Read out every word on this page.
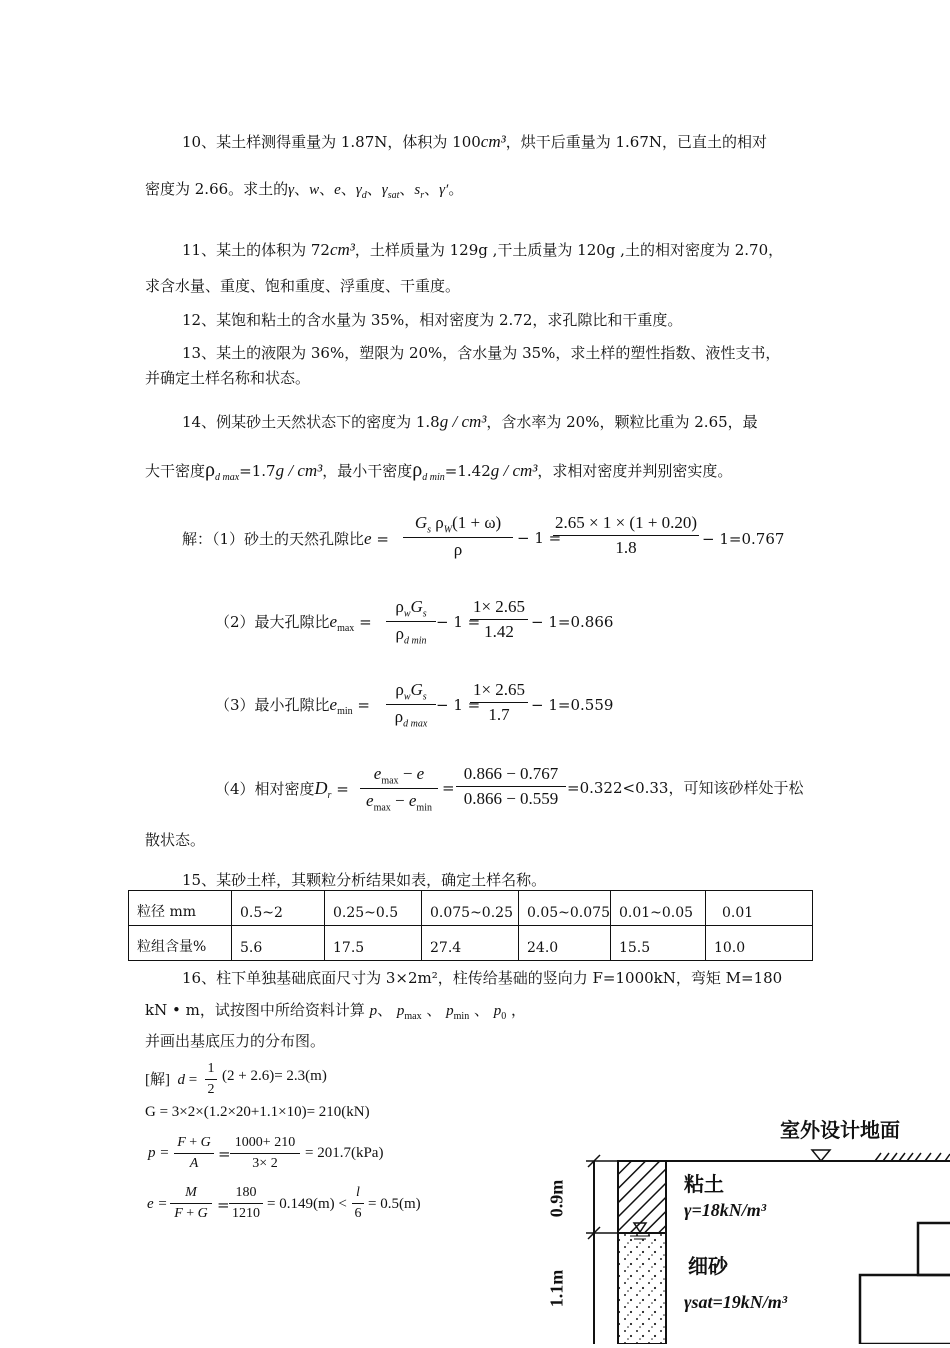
10、某土样测得重量为 1.87N，体积为 100cm³，烘干后重量为 1.67N，已直土的相对
密度为 2.66。求土的γ、w、e、$\gamma_d$、$\gamma_{sat}$、$s_r$、γ′。
11、某土的体积为 72cm³，土样质量为 129g ,干土质量为 120g ,土的相对密度为 2.70，
求含水量、重度、饱和重度、浮重度、干重度。
12、某饱和粘土的含水量为 35%，相对密度为 2.72，求孔隙比和干重度。
13、某土的液限为 36%，塑限为 20%，含水量为 35%，求土样的塑性指数、液性支书，
并确定土样名称和状态。
14、例某砂土天然状态下的密度为 1.8g / cm³，含水率为 20%，颗粒比重为 2.65，最
大干密度$\rho_{d max}=1.7g / cm^3$，最小干密度$\rho_{d min}=1.42g / cm^3$，求相对密度并判别密实度。
解：（1）砂土的天然孔隙比$e = \frac{G_s \rho_W(1 + \omega)}{\rho} - 1$ =
$\frac{2.65 \times 1 \times (1 + 0.20)}{1.8} - 1=0.767$
（2）最大孔隙比$e_{max}$ =
$\rho_wG_s$
$\rho_{d min}$
− 1 =
$\frac{1\times 2.65}{1.42} - 1=0.866$
（3）最小孔隙比$e_{min}$ =
$\rho_wG_s$
$\rho_{d max}$
− 1 =
$\frac{1\times 2.65}{1.7} - 1=0.559$
（4）相对密度$D_r$ =
$e_{max} - e$
$e_{max} - e_{min}$
= $\frac{0.866 - 0.767}{0.866 - 0.559} =0.322<0.33$，可知该砂样处于松
散状态。
15、某砂土样，其颗粒分析结果如表，确定土样名称。
粒径 mm	0.5~2	0.25~0.5	0.075~0.25	0.05~0.075	0.01~0.05	0.01
粒组含量%	5.6	17.5	27.4	24.0	15.5	10.0
16、柱下单独基础底面尺寸为 3×2m²，柱传给基础的竖向力 F=1000kN，弯矩 M=180
kN • m，试按图中所给资料计算 p、 $p_{max}$ 、 $p_{min}$ 、 $p_0$ ，
并画出基底压力的分布图。
[解] $d = \frac{1}{2} (2 + 2.6)= 2.3(m)$
G = 3×2×(1.2×20+1.1×10)= 210(kN)
$p = \frac{F + G}{A} = \frac{1000+ 210}{3\times 2} = 201.7(kPa)$
$e = \frac{M}{F + G} = \frac{180}{1210} = 0.149(m) < \frac{l}{6} = 0.5(m)$
室外设计地面
粘土
γ=18kN/m³
细砂
γsat=19kN/m³
0.9m
1.1m
